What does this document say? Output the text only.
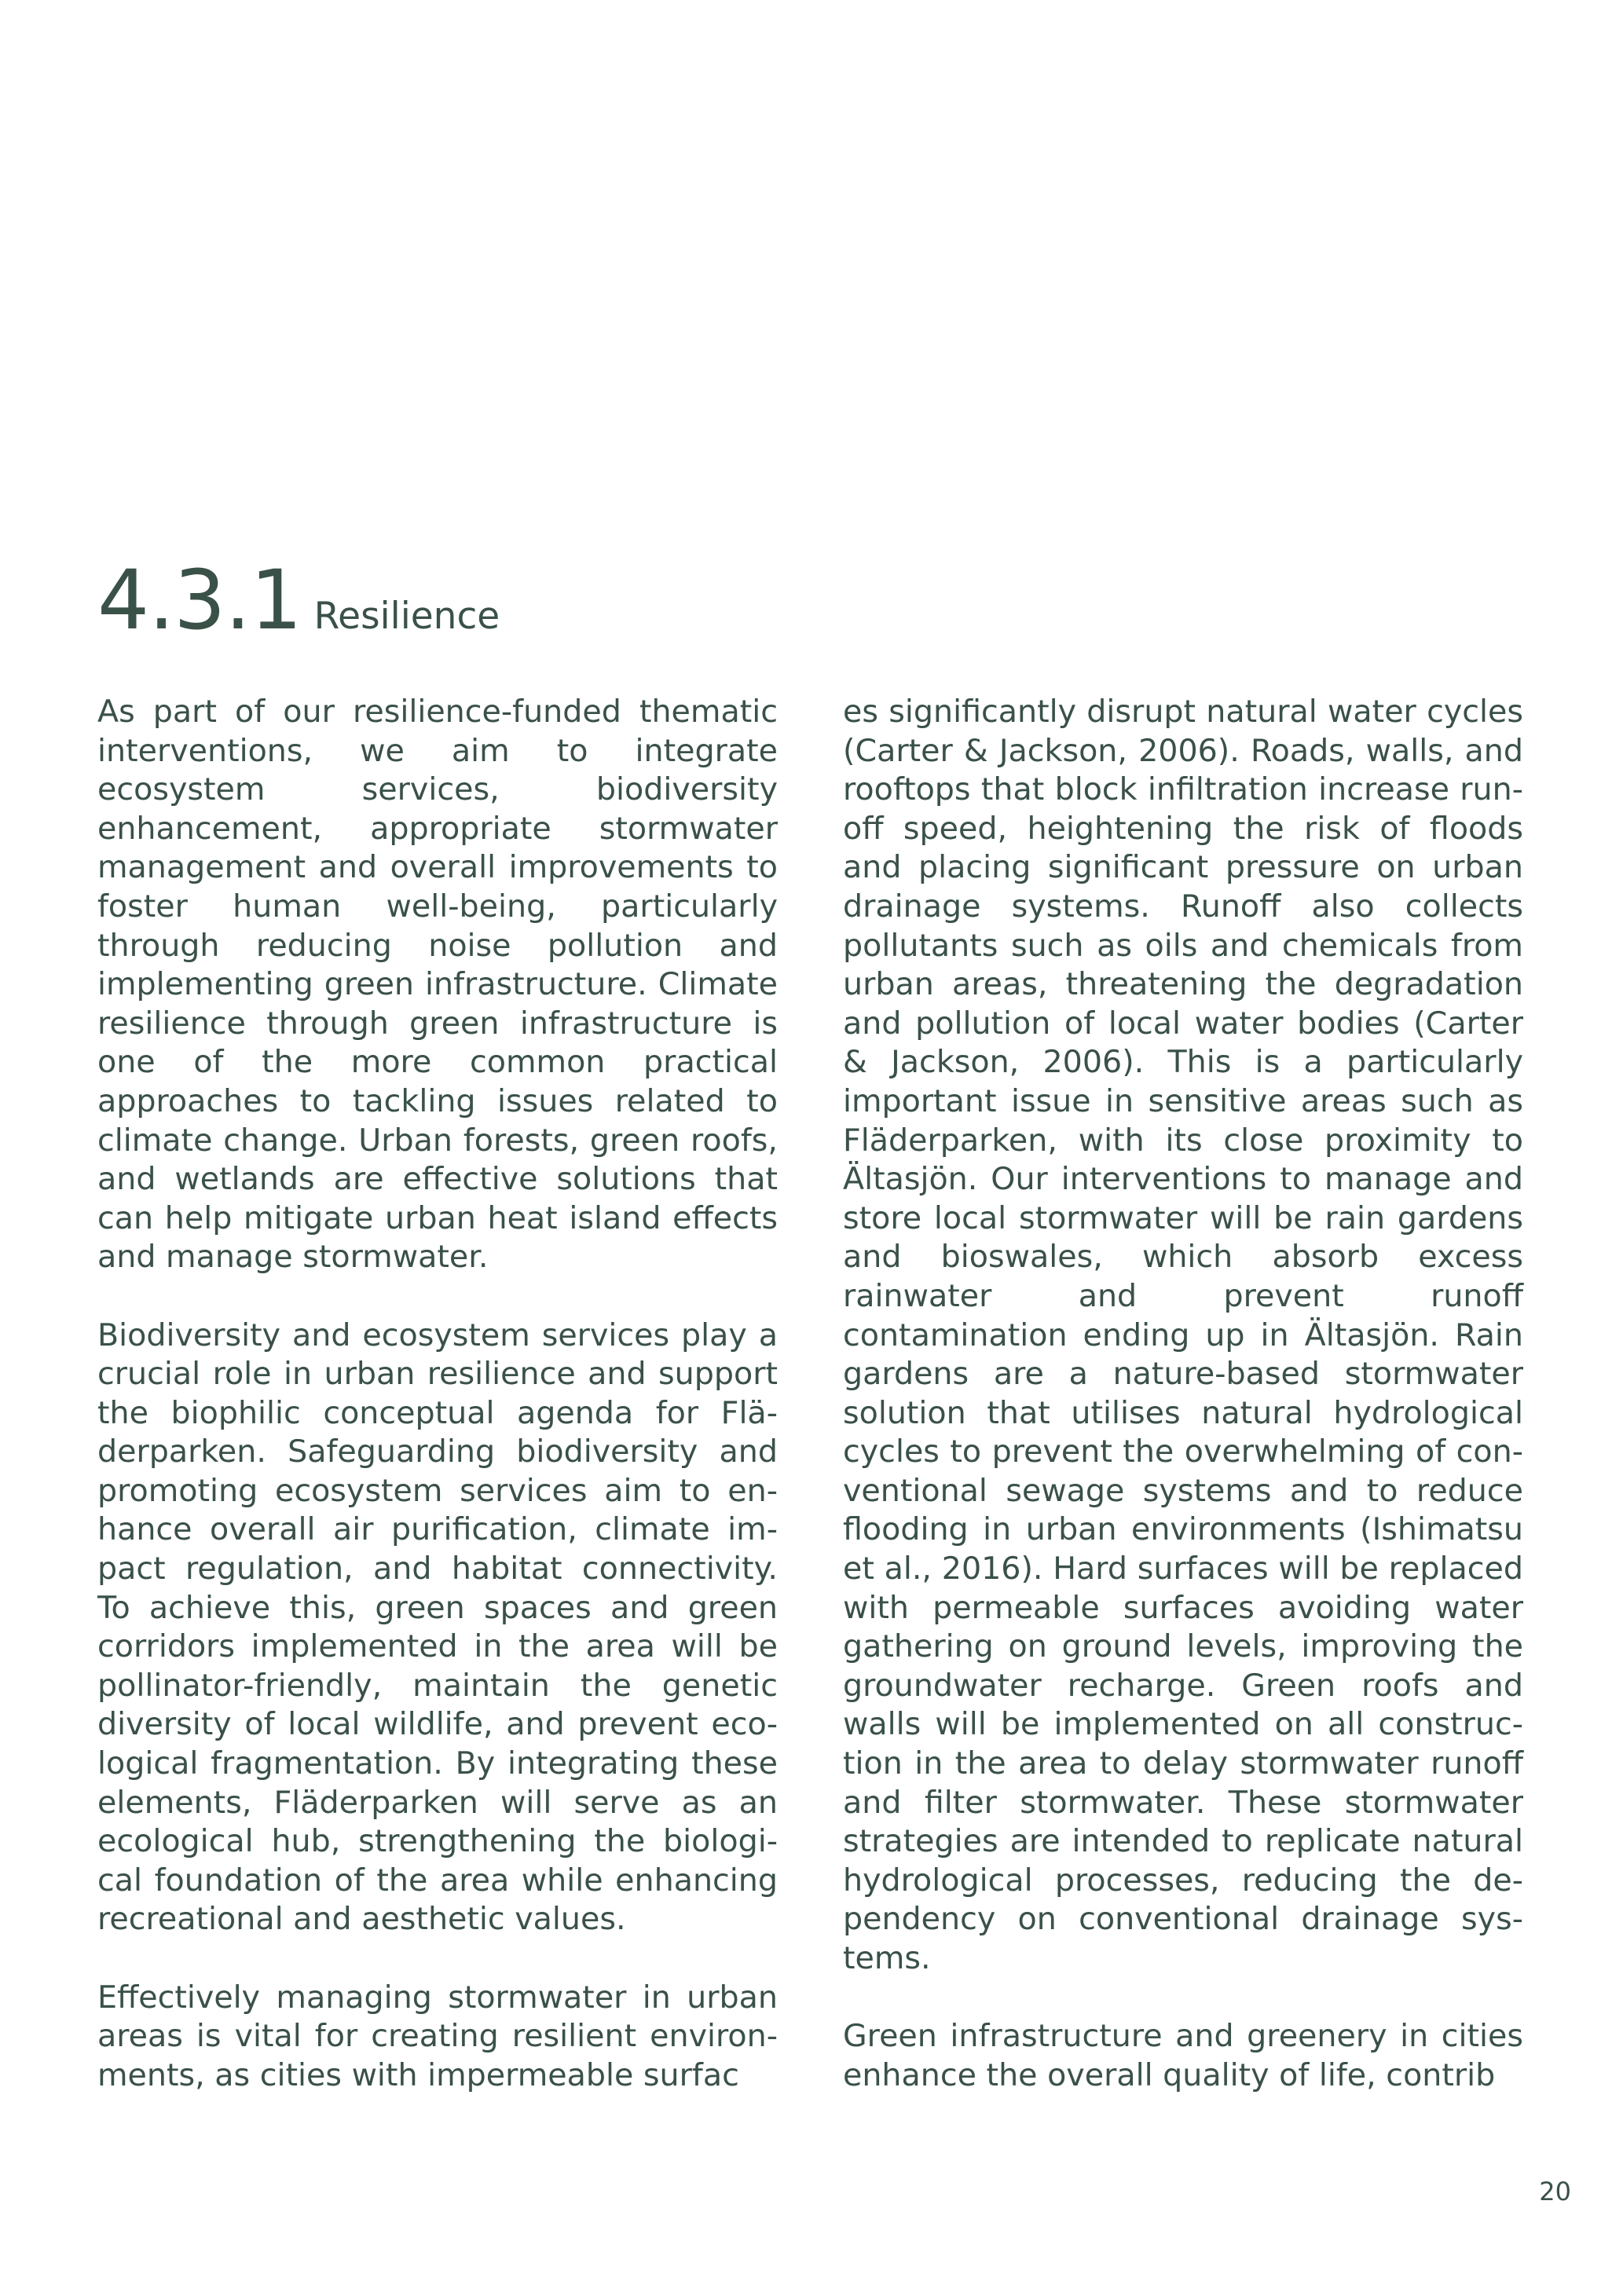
4.3.1 Resilience

As part of our resilience-funded thematic interventions, we aim to integrate ecosystem services, biodiversity enhancement, appropriate stormwater management and overall improvements to foster human well-being, particularly through reducing noise pollution and implementing green infrastructure. Climate resilience through green infrastructure is one of the more common practical approaches to tackling issues related to climate change. Urban forests, green roofs, and wetlands are effective solutions that can help mitigate urban heat island effects and manage stormwater.

Biodiversity and ecosystem services play a crucial role in urban resilience and support the biophilic conceptual agenda for Fläderparken. Safeguarding biodiversity and promoting ecosystem services aim to enhance overall air purification, climate impact regulation, and habitat connectivity. To achieve this, green spaces and green corridors implemented in the area will be pollinator-friendly, maintain the genetic diversity of local wildlife, and prevent ecological fragmentation. By integrating these elements, Fläderparken will serve as an ecological hub, strengthening the biological foundation of the area while enhancing recreational and aesthetic values.

Effectively managing stormwater in urban areas is vital for creating resilient environments, as cities with impermeable surfac

es significantly disrupt natural water cycles (Carter & Jackson, 2006). Roads, walls, and rooftops that block infiltration increase runoff speed, heightening the risk of floods and placing significant pressure on urban drainage systems. Runoff also collects pollutants such as oils and chemicals from urban areas, threatening the degradation and pollution of local water bodies (Carter & Jackson, 2006). This is a particularly important issue in sensitive areas such as Fläderparken, with its close proximity to Ältasjön. Our interventions to manage and store local stormwater will be rain gardens and bioswales, which absorb excess rainwater and prevent runoff contamination ending up in Ältasjön. Rain gardens are a nature-based stormwater solution that utilises natural hydrological cycles to prevent the overwhelming of conventional sewage systems and to reduce flooding in urban environments (Ishimatsu et al., 2016). Hard surfaces will be replaced with permeable surfaces avoiding water gathering on ground levels, improving the groundwater recharge. Green roofs and walls will be implemented on all construction in the area to delay stormwater runoff and filter stormwater. These stormwater strategies are intended to replicate natural hydrological processes, reducing the dependency on conventional drainage systems.

Green infrastructure and greenery in cities enhance the overall quality of life, contrib

20
